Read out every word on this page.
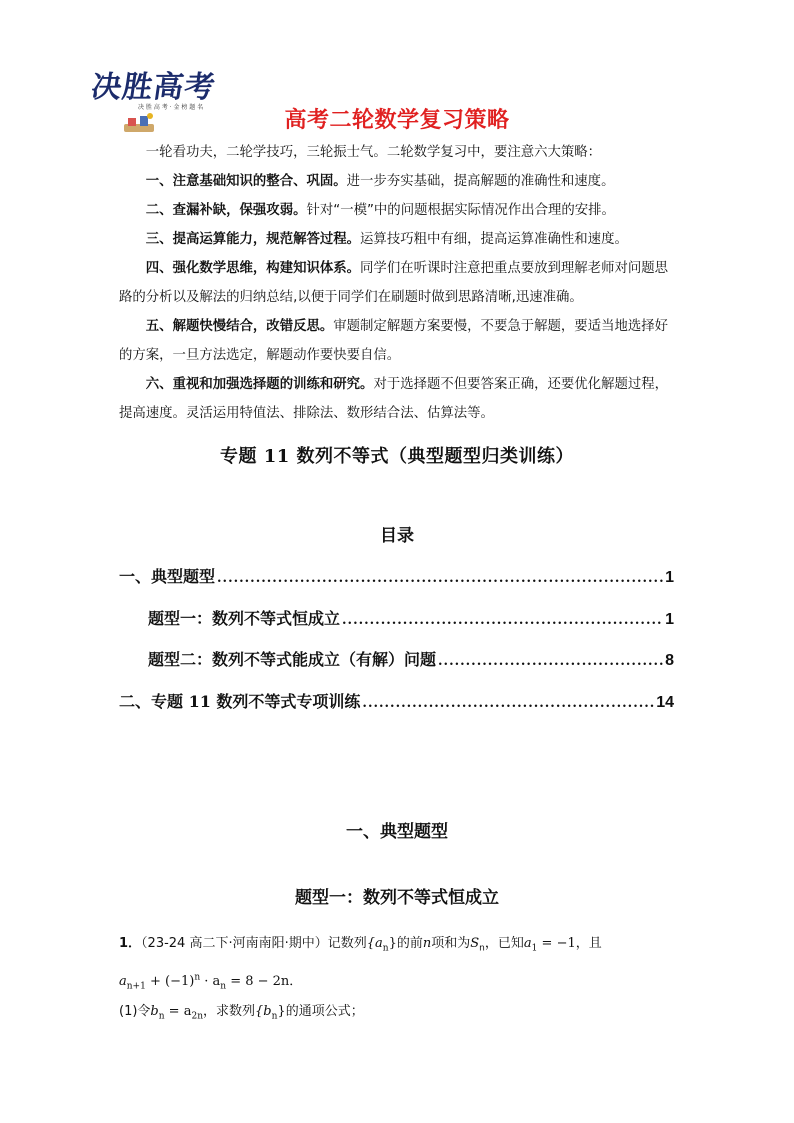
决胜高考
决 胜 高 考 · 金 榜 题 名
高考二轮数学复习策略

一轮看功夫，二轮学技巧，三轮振士气。二轮数学复习中，要注意六大策略：

一、注意基础知识的整合、巩固。进一步夯实基础，提高解题的准确性和速度。

二、查漏补缺，保强攻弱。针对“一模”中的问题根据实际情况作出合理的安排。

三、提高运算能力，规范解答过程。运算技巧粗中有细，提高运算准确性和速度。

四、强化数学思维，构建知识体系。同学们在听课时注意把重点要放到理解老师对问题思路的分析以及解法的归纳总结,以便于同学们在刷题时做到思路清晰,迅速准确。

五、解题快慢结合，改错反思。审题制定解题方案要慢，不要急于解题，要适当地选择好的方案，一旦方法选定，解题动作要快要自信。

六、重视和加强选择题的训练和研究。对于选择题不但要答案正确，还要优化解题过程，提高速度。灵活运用特值法、排除法、数形结合法、估算法等。

专题 11 数列不等式（典型题型归类训练）
目录
一、典型题型 .....	1
题型一：数列不等式恒成立 .....	1
题型二：数列不等式能成立（有解）问题 .....	8
二、专题 11 数列不等式专项训练 .....	14
一、典型题型
题型一：数列不等式恒成立
1．（23-24 高二下·河南南阳·期中）记数列$\{a_n\}$的前n项和为$S_n$，已知$a_1 = -1$，且
$a_{n+1} + (-1)^n \cdot a_n = 8 - 2n$．
(1)令$b_n = a_{2n}$，求数列$\{b_n\}$的通项公式；
